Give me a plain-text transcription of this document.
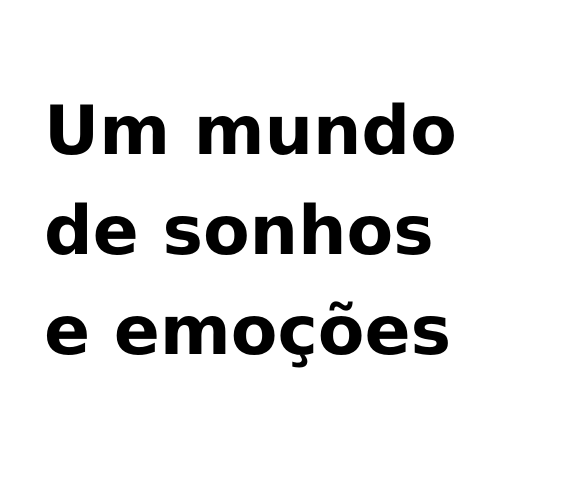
Um mundo
de sonhos
e emoções
